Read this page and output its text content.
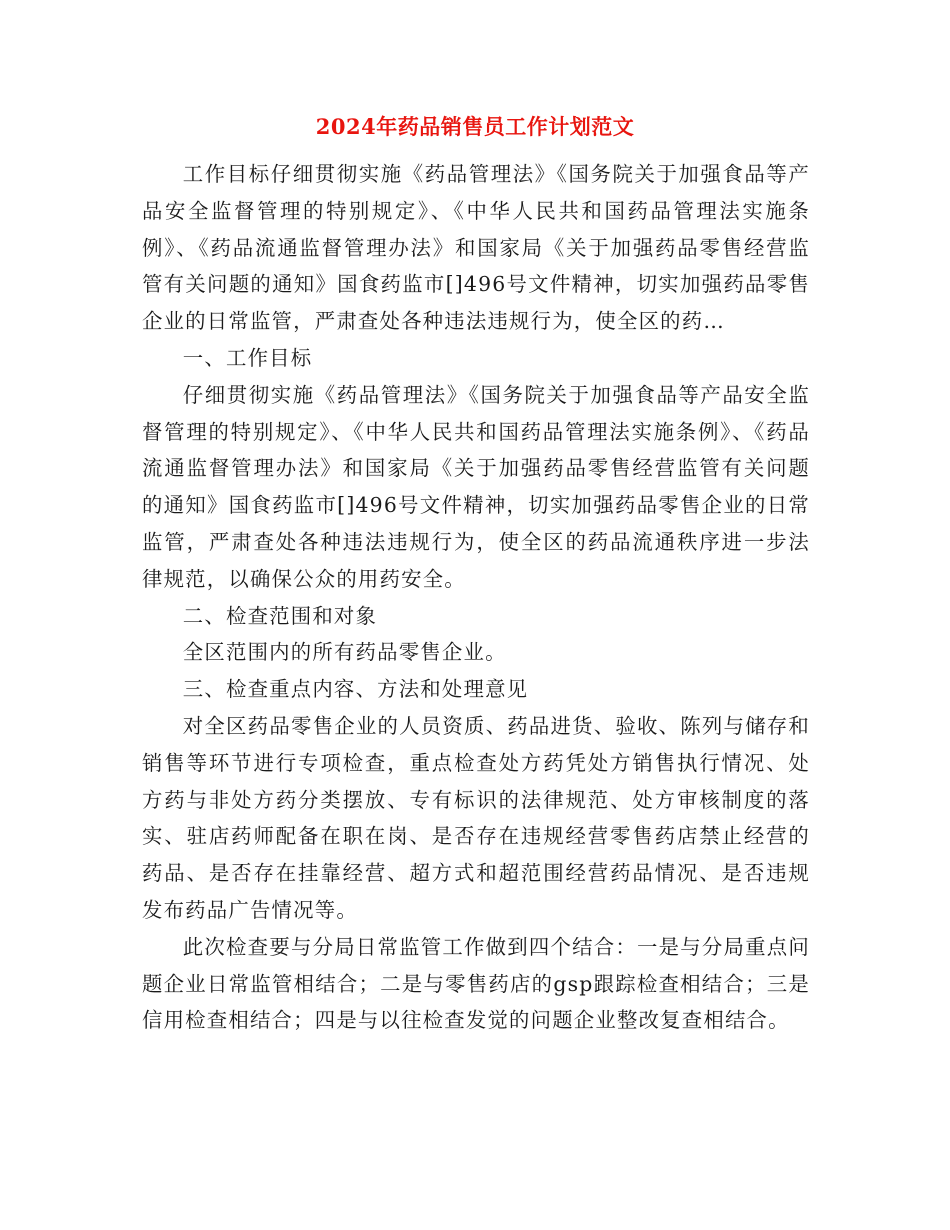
2024年药品销售员工作计划范文

工作目标仔细贯彻实施《药品管理法》《国务院关于加强食品等产品安全监督管理的特别规定》、《中华人民共和国药品管理法实施条例》、《药品流通监督管理办法》和国家局《关于加强药品零售经营监管有关问题的通知》国食药监市[]496号文件精神，切实加强药品零售企业的日常监管，严肃查处各种违法违规行为，使全区的药…

一、工作目标

仔细贯彻实施《药品管理法》《国务院关于加强食品等产品安全监督管理的特别规定》、《中华人民共和国药品管理法实施条例》、《药品流通监督管理办法》和国家局《关于加强药品零售经营监管有关问题的通知》国食药监市[]496号文件精神，切实加强药品零售企业的日常监管，严肃查处各种违法违规行为，使全区的药品流通秩序进一步法律规范，以确保公众的用药安全。

二、检查范围和对象

全区范围内的所有药品零售企业。

三、检查重点内容、方法和处理意见

对全区药品零售企业的人员资质、药品进货、验收、陈列与储存和销售等环节进行专项检查，重点检查处方药凭处方销售执行情况、处方药与非处方药分类摆放、专有标识的法律规范、处方审核制度的落实、驻店药师配备在职在岗、是否存在违规经营零售药店禁止经营的药品、是否存在挂靠经营、超方式和超范围经营药品情况、是否违规发布药品广告情况等。

此次检查要与分局日常监管工作做到四个结合：一是与分局重点问题企业日常监管相结合；二是与零售药店的gsp跟踪检查相结合；三是信用检查相结合；四是与以往检查发觉的问题企业整改复查相结合。
